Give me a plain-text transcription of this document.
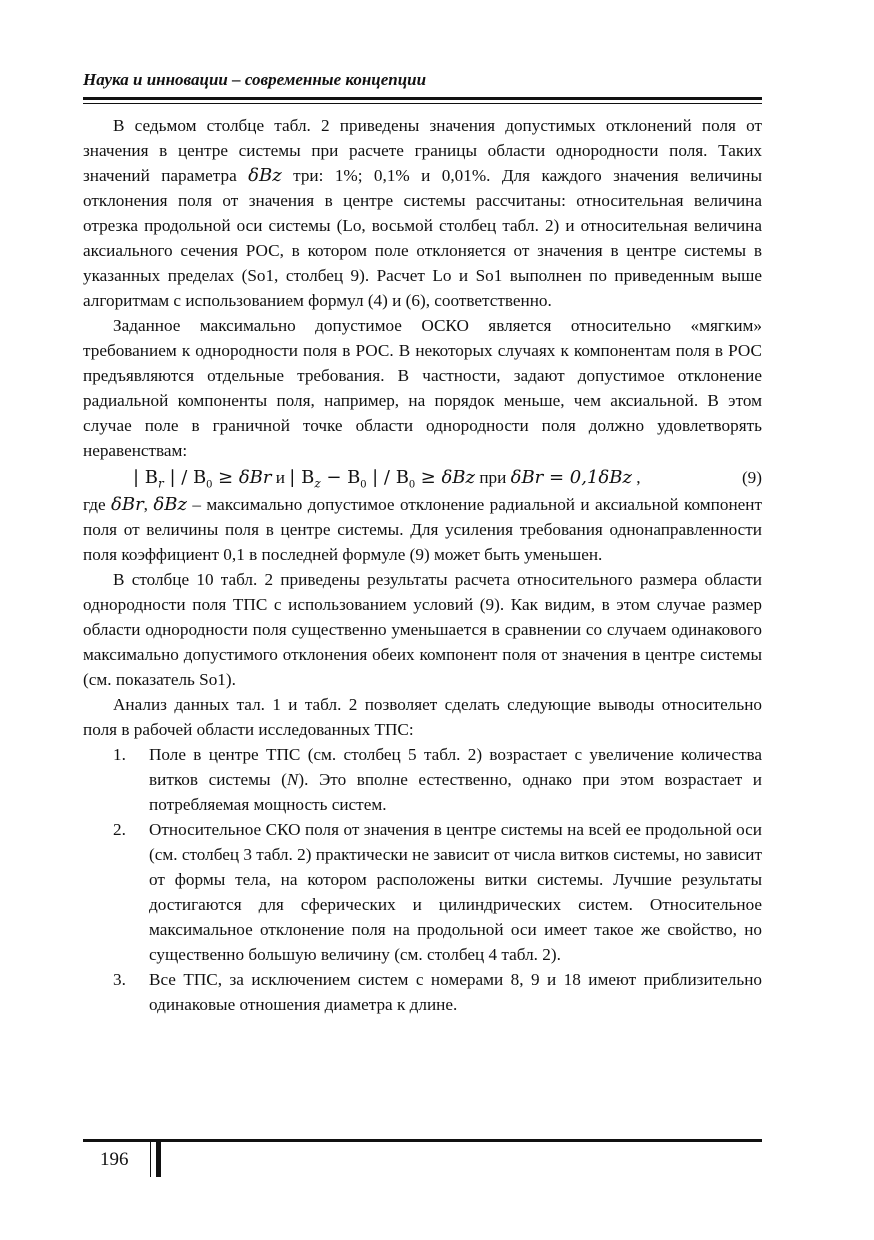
Наука и инновации – современные концепции

В седьмом столбце табл. 2 приведены значения допустимых отклонений поля от значения в центре системы при расчете границы области однородности поля. Таких значений параметра δBz три: 1%; 0,1% и 0,01%. Для каждого значения величины отклонения поля от значения в центре системы рассчитаны: относительная величина отрезка продольной оси системы (Lo, восьмой столбец табл. 2) и относительная величина аксиального сечения РОС, в котором поле отклоняется от значения в центре системы в указанных пределах (So1, столбец 9). Расчет Lo и So1 выполнен по приведенным выше алгоритмам с использованием формул (4) и (6), соответственно.

Заданное максимально допустимое ОСКО является относительно «мягким» требованием к однородности поля в РОС. В некоторых случаях к компонентам поля в РОС предъявляются отдельные требования. В частности, задают допустимое отклонение радиальной компоненты поля, например, на порядок меньше, чем аксиальной. В этом случае поле в граничной точке области однородности поля должно удовлетворять неравенствам:

| $B_r$ | / $B_0 \ge \delta Br$ и | $B_z - B_0$ | / $B_0 \ge \delta Bz$ при δBr = 0,1δBz ,	(9)

где δBr, δBz – максимально допустимое отклонение радиальной и аксиальной компонент поля от величины поля в центре системы. Для усиления требования однонаправленности поля коэффициент 0,1 в последней формуле (9) может быть уменьшен.

В столбце 10 табл. 2 приведены результаты расчета относительного размера области однородности поля ТПС с использованием условий (9). Как видим, в этом случае размер области однородности поля существенно уменьшается в сравнении со случаем одинакового максимально допустимого отклонения обеих компонент поля от значения в центре системы (см. показатель So1).

Анализ данных тал. 1 и табл. 2 позволяет сделать следующие выводы относительно поля в рабочей области исследованных ТПС:

1. Поле в центре ТПС (см. столбец 5 табл. 2) возрастает с увеличение количества витков системы (N). Это вполне естественно, однако при этом возрастает и потребляемая мощность систем.
2. Относительное СКО поля от значения в центре системы на всей ее продольной оси (см. столбец 3 табл. 2) практически не зависит от числа витков системы, но зависит от формы тела, на котором расположены витки системы. Лучшие результаты достигаются для сферических и цилиндрических систем. Относительное максимальное отклонение поля на продольной оси имеет такое же свойство, но существенно большую величину (см. столбец 4 табл. 2).
3. Все ТПС, за исключением систем с номерами 8, 9 и 18 имеют приблизительно одинаковые отношения диаметра к длине.
196
